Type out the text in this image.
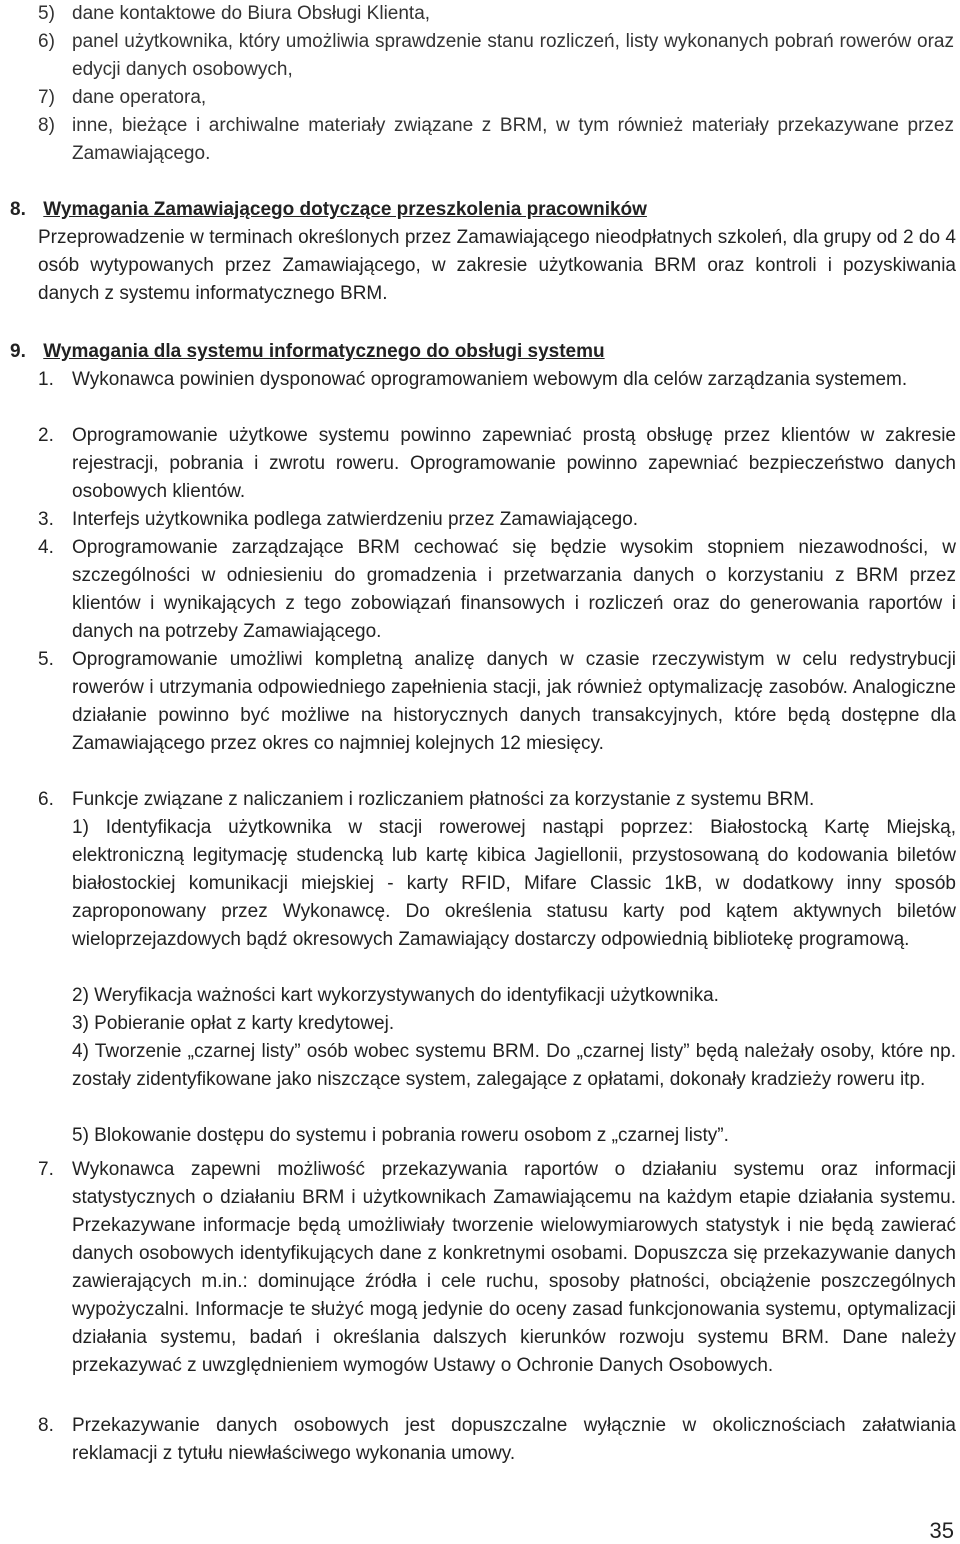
5) dane kontaktowe do Biura Obsługi Klienta,
6) panel użytkownika, który umożliwia sprawdzenie stanu rozliczeń, listy wykonanych pobrań rowerów oraz edycji danych osobowych,
7) dane operatora,
8) inne, bieżące i archiwalne materiały związane z BRM, w tym również materiały przekazywane przez Zamawiającego.
8. Wymagania Zamawiającego dotyczące przeszkolenia pracowników
Przeprowadzenie w terminach określonych przez Zamawiającego nieodpłatnych szkoleń, dla grupy od 2 do 4 osób wytypowanych przez Zamawiającego, w zakresie użytkowania BRM oraz kontroli i pozyskiwania danych z systemu informatycznego BRM.
9. Wymagania dla systemu informatycznego do obsługi systemu
1. Wykonawca powinien dysponować oprogramowaniem webowym dla celów zarządzania systemem.
2. Oprogramowanie użytkowe systemu powinno zapewniać prostą obsługę przez klientów w zakresie rejestracji, pobrania i zwrotu roweru. Oprogramowanie powinno zapewniać bezpieczeństwo danych osobowych klientów.
3. Interfejs użytkownika podlega zatwierdzeniu przez Zamawiającego.
4. Oprogramowanie zarządzające BRM cechować się będzie wysokim stopniem niezawodności, w szczególności w odniesieniu do gromadzenia i przetwarzania danych o korzystaniu z BRM przez klientów i wynikających z tego zobowiązań finansowych i rozliczeń oraz do generowania raportów i danych na potrzeby Zamawiającego.
5. Oprogramowanie umożliwi kompletną analizę danych w czasie rzeczywistym w celu redystrybucji rowerów i utrzymania odpowiedniego zapełnienia stacji, jak również optymalizację zasobów. Analogiczne działanie powinno być możliwe na historycznych danych transakcyjnych, które będą dostępne dla Zamawiającego przez okres co najmniej kolejnych 12 miesięcy.
6. Funkcje związane z naliczaniem i rozliczaniem płatności za korzystanie z systemu BRM.
1) Identyfikacja użytkownika w stacji rowerowej nastąpi poprzez: Białostocką Kartę Miejską, elektroniczną legitymację studencką lub kartę kibica Jagiellonii, przystosowaną do kodowania biletów białostockiej komunikacji miejskiej - karty RFID, Mifare Classic 1kB, w dodatkowy inny sposób zaproponowany przez Wykonawcę. Do określenia statusu karty pod kątem aktywnych biletów wieloprzejazdowych bądź okresowych Zamawiający dostarczy odpowiednią bibliotekę programową.
2) Weryfikacja ważności kart wykorzystywanych do identyfikacji użytkownika.
3) Pobieranie opłat z karty kredytowej.
4) Tworzenie „czarnej listy” osób wobec systemu BRM. Do „czarnej listy” będą należały osoby, które np. zostały zidentyfikowane jako niszczące system, zalegające z opłatami, dokonały kradzieży roweru itp.
5) Blokowanie dostępu do systemu i pobrania roweru osobom z „czarnej listy”.
7. Wykonawca zapewni możliwość przekazywania raportów o działaniu systemu oraz informacji statystycznych o działaniu BRM i użytkownikach Zamawiającemu na każdym etapie działania systemu. Przekazywane informacje będą umożliwiały tworzenie wielowymiarowych statystyk i nie będą zawierać danych osobowych identyfikujących dane z konkretnymi osobami. Dopuszcza się przekazywanie danych zawierających m.in.: dominujące źródła i cele ruchu, sposoby płatności, obciążenie poszczególnych wypożyczalni. Informacje te służyć mogą jedynie do oceny zasad funkcjonowania systemu, optymalizacji działania systemu, badań i określania dalszych kierunków rozwoju systemu BRM. Dane należy przekazywać z uwzględnieniem wymogów Ustawy o Ochronie Danych Osobowych.
8. Przekazywanie danych osobowych jest dopuszczalne wyłącznie w okolicznościach załatwiania reklamacji z tytułu niewłaściwego wykonania umowy.
35
